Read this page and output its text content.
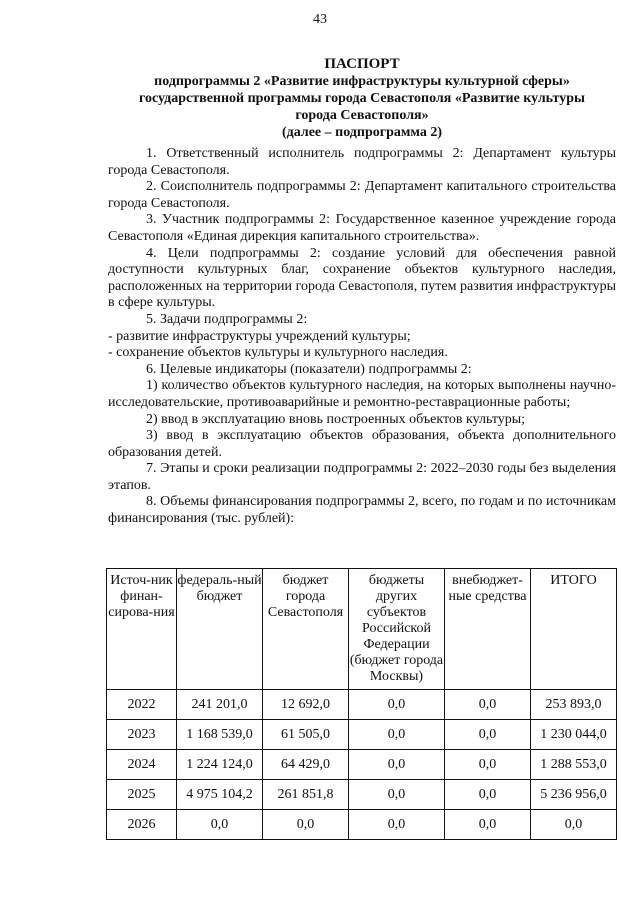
43
ПАСПОРТ
подпрограммы 2 «Развитие инфраструктуры культурной сферы»
государственной программы города Севастополя «Развитие культуры
города Севастополя»
(далее – подпрограмма 2)

1. Ответственный исполнитель подпрограммы 2: Департамент культуры города Севастополя.

2. Соисполнитель подпрограммы 2: Департамент капитального строительства города Севастополя.

3. Участник подпрограммы 2: Государственное казенное учреждение города Севастополя «Единая дирекция капитального строительства».

4. Цели подпрограммы 2: создание условий для обеспечения равной доступности культурных благ, сохранение объектов культурного наследия, расположенных на территории города Севастополя, путем развития инфраструктуры в сфере культуры.

5. Задачи подпрограммы 2:

- развитие инфраструктуры учреждений культуры;

- сохранение объектов культуры и культурного наследия.

6. Целевые индикаторы (показатели) подпрограммы 2:

1) количество объектов культурного наследия, на которых выполнены научно-исследовательские, противоаварийные и ремонтно-реставрационные работы;

2) ввод в эксплуатацию вновь построенных объектов культуры;

3) ввод в эксплуатацию объектов образования, объекта дополнительного образования детей.

7. Этапы и сроки реализации подпрограммы 2: 2022–2030 годы без выделения этапов.

8. Объемы финансирования подпрограммы 2, всего, по годам и по источникам финансирования (тыс. рублей):

Источ-ник финан-сирова-ния	федераль-ный бюджет	бюджет города Севастополя	бюджеты других субъектов Российской Федерации (бюджет города Москвы)	внебюджет-ные средства	ИТОГО
2022	241 201,0	12 692,0	0,0	0,0	253 893,0
2023	1 168 539,0	61 505,0	0,0	0,0	1 230 044,0
2024	1 224 124,0	64 429,0	0,0	0,0	1 288 553,0
2025	4 975 104,2	261 851,8	0,0	0,0	5 236 956,0
2026	0,0	0,0	0,0	0,0	0,0
